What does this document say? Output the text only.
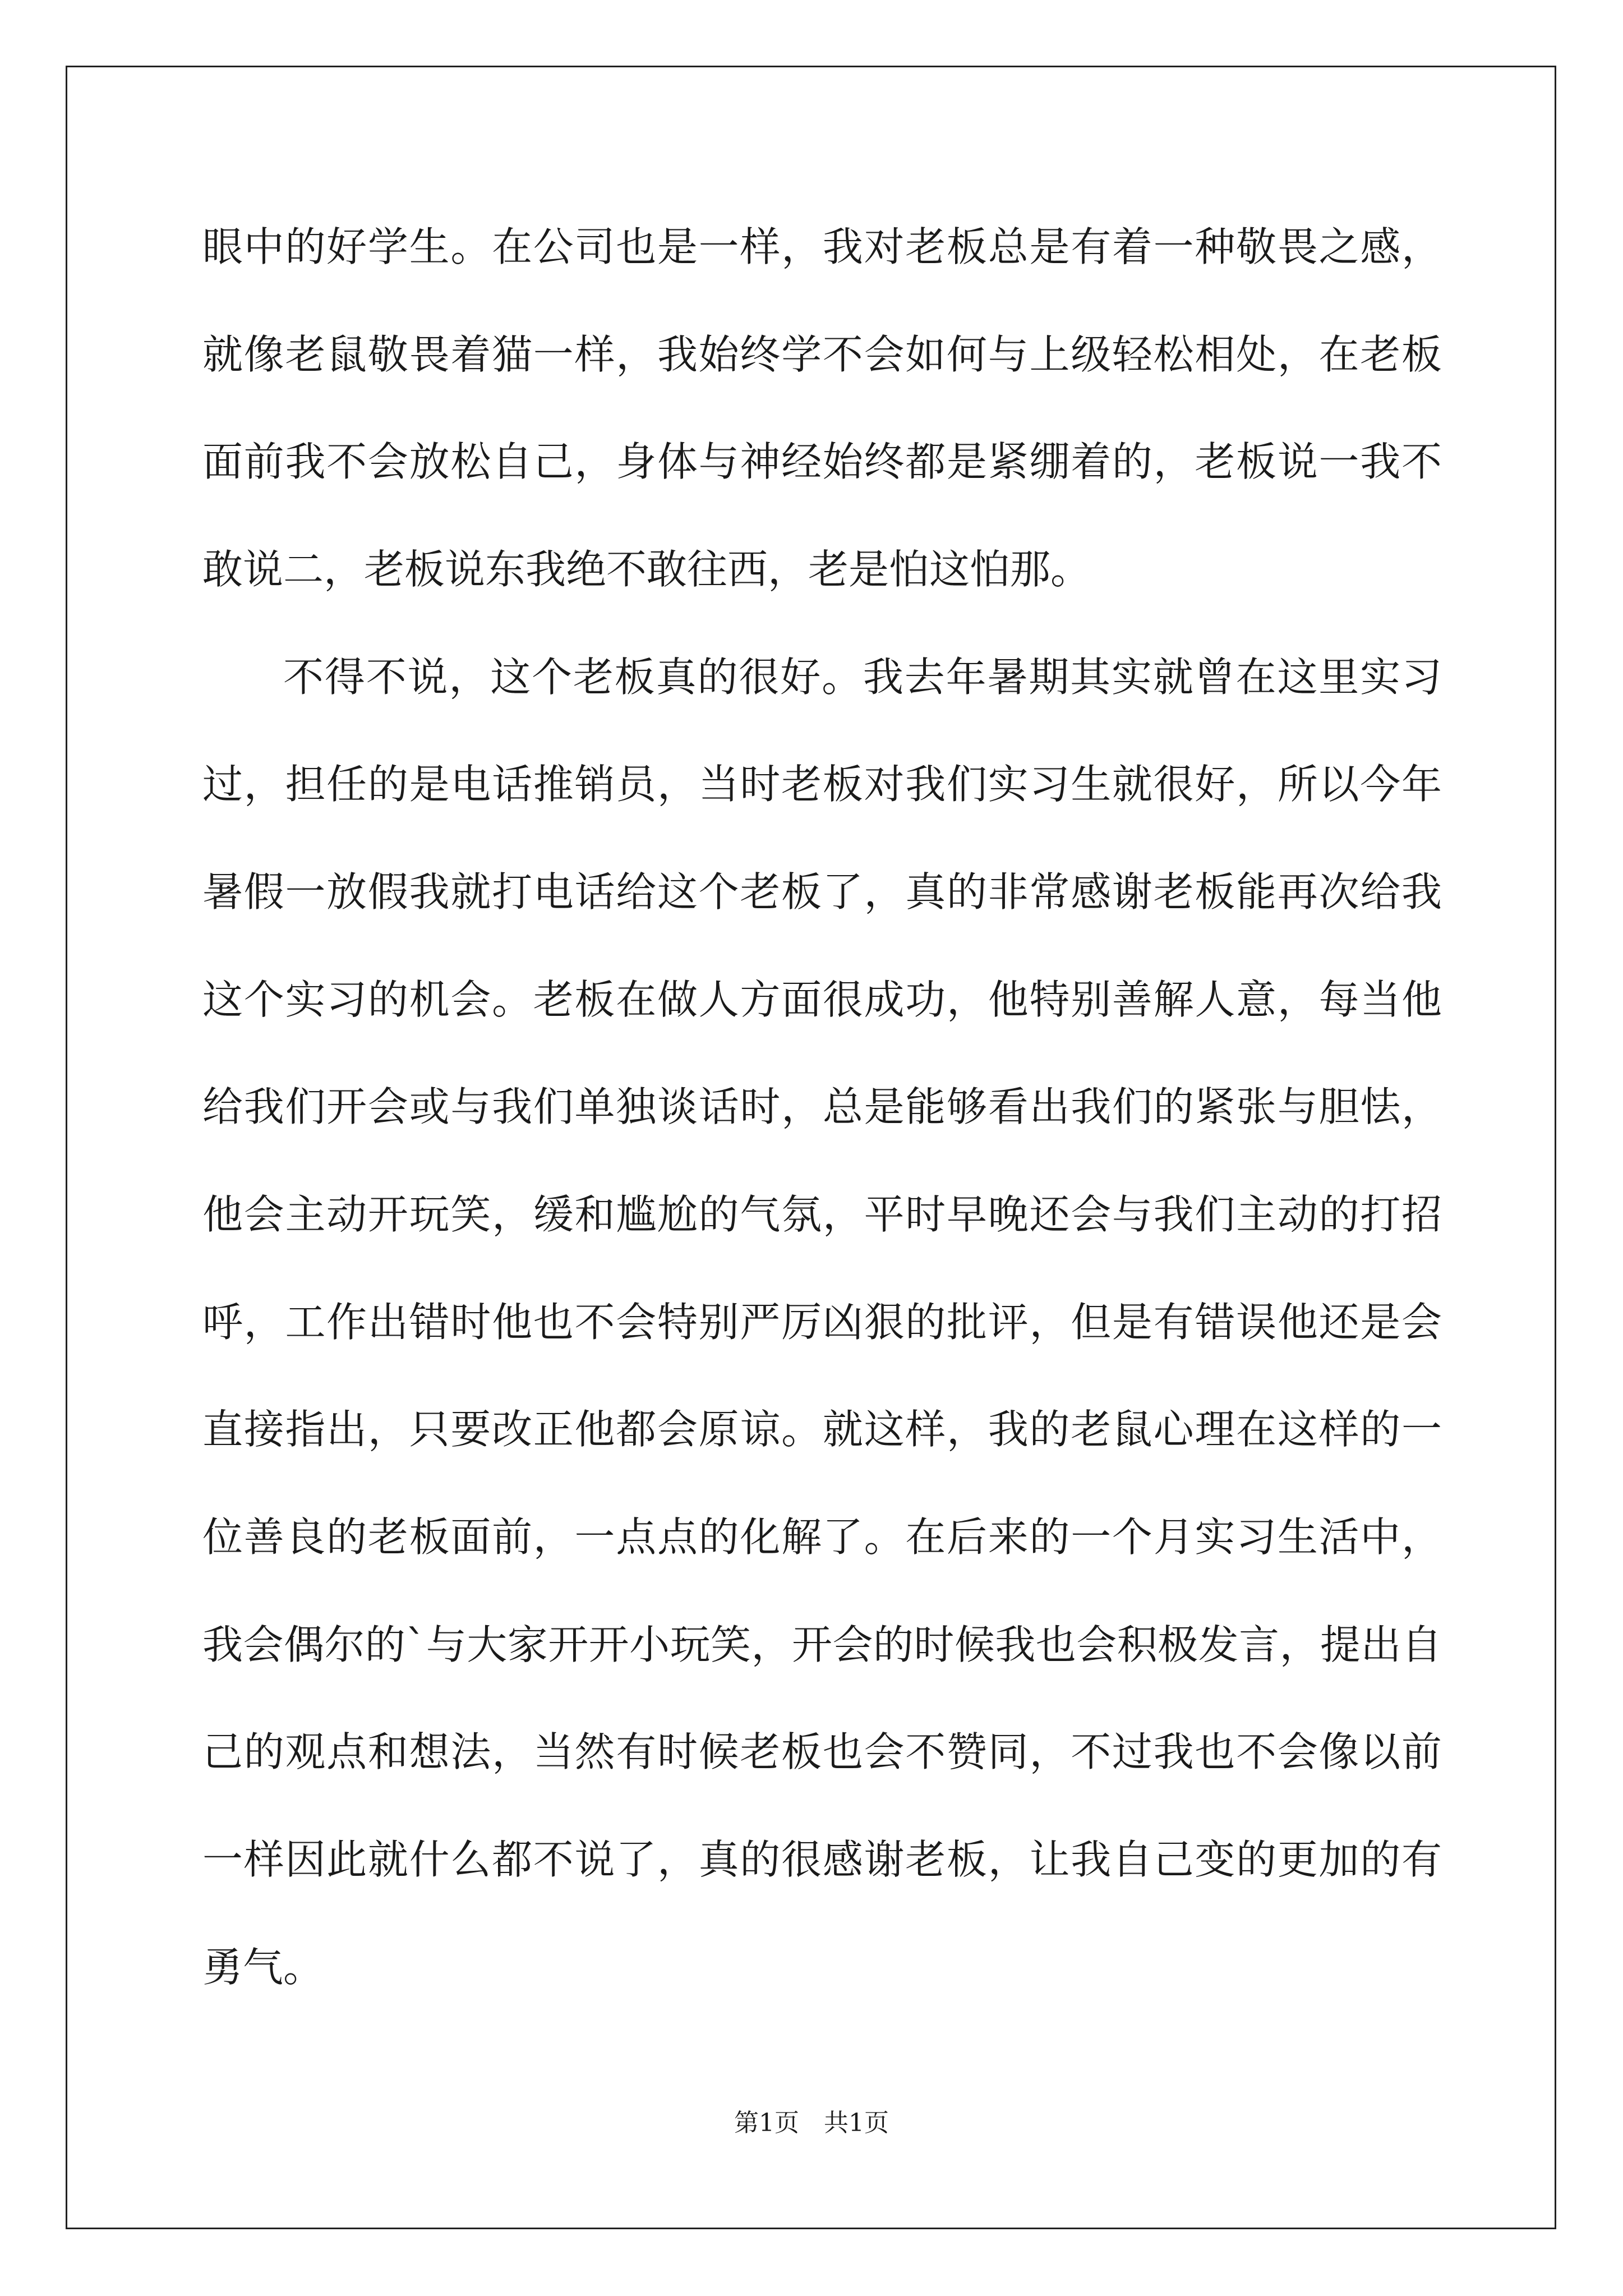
眼中的好学生。在公司也是一样，我对老板总是有着一种敬畏之感，
就像老鼠敬畏着猫一样，我始终学不会如何与上级轻松相处，在老板
面前我不会放松自己，身体与神经始终都是紧绷着的，老板说一我不
敢说二，老板说东我绝不敢往西，老是怕这怕那。
不得不说，这个老板真的很好。我去年暑期其实就曾在这里实习
过，担任的是电话推销员，当时老板对我们实习生就很好，所以今年
暑假一放假我就打电话给这个老板了，真的非常感谢老板能再次给我
这个实习的机会。老板在做人方面很成功，他特别善解人意，每当他
给我们开会或与我们单独谈话时，总是能够看出我们的紧张与胆怯，
他会主动开玩笑，缓和尴尬的气氛，平时早晚还会与我们主动的打招
呼，工作出错时他也不会特别严厉凶狠的批评，但是有错误他还是会
直接指出，只要改正他都会原谅。就这样，我的老鼠心理在这样的一
位善良的老板面前，一点点的化解了。在后来的一个月实习生活中，
我会偶尔的`与大家开开小玩笑，开会的时候我也会积极发言，提出自
己的观点和想法，当然有时候老板也会不赞同，不过我也不会像以前
一样因此就什么都不说了，真的很感谢老板，让我自己变的更加的有
勇气。
第1页　共1页
